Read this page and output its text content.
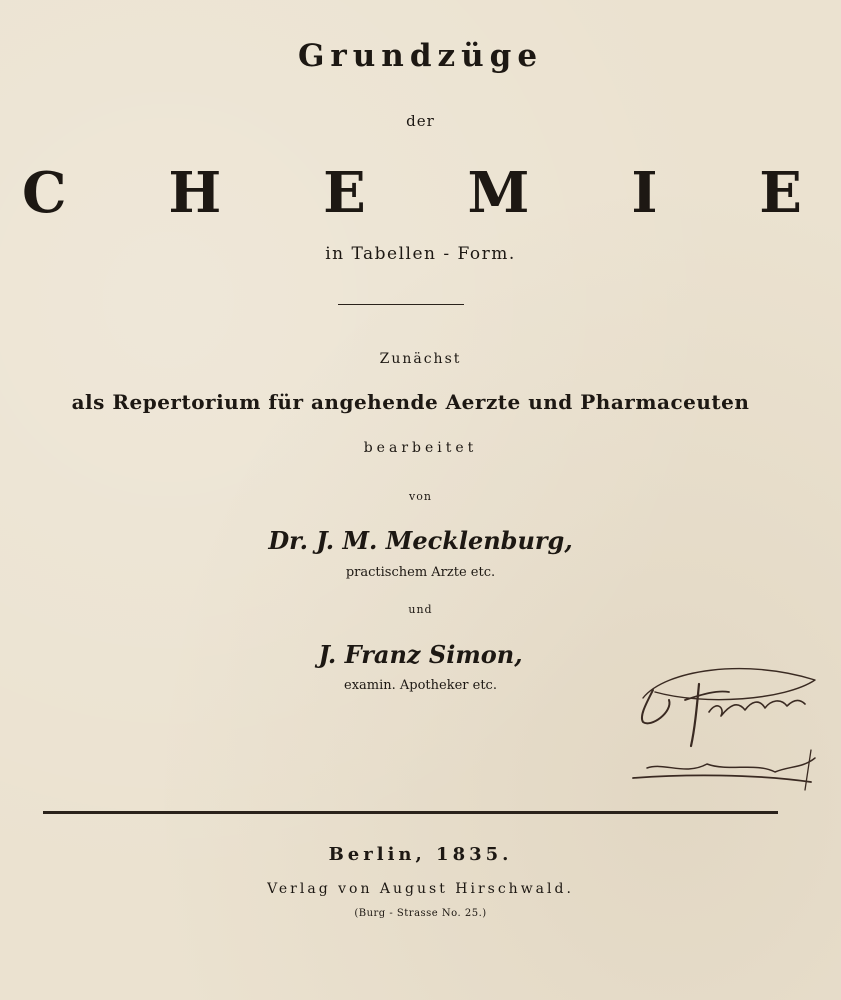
Grundzüge
der
C H E M I E
in Tabellen - Form.
Zunächst
als Repertorium für angehende Aerzte und Pharmaceuten
bearbeitet
von
Dr. J. M. Mecklenburg,
practischem Arzte etc.
und
J. Franz Simon,
examin. Apotheker etc.
Berlin, 1835.
Verlag von August Hirschwald.
(Burg - Strasse No. 25.)
